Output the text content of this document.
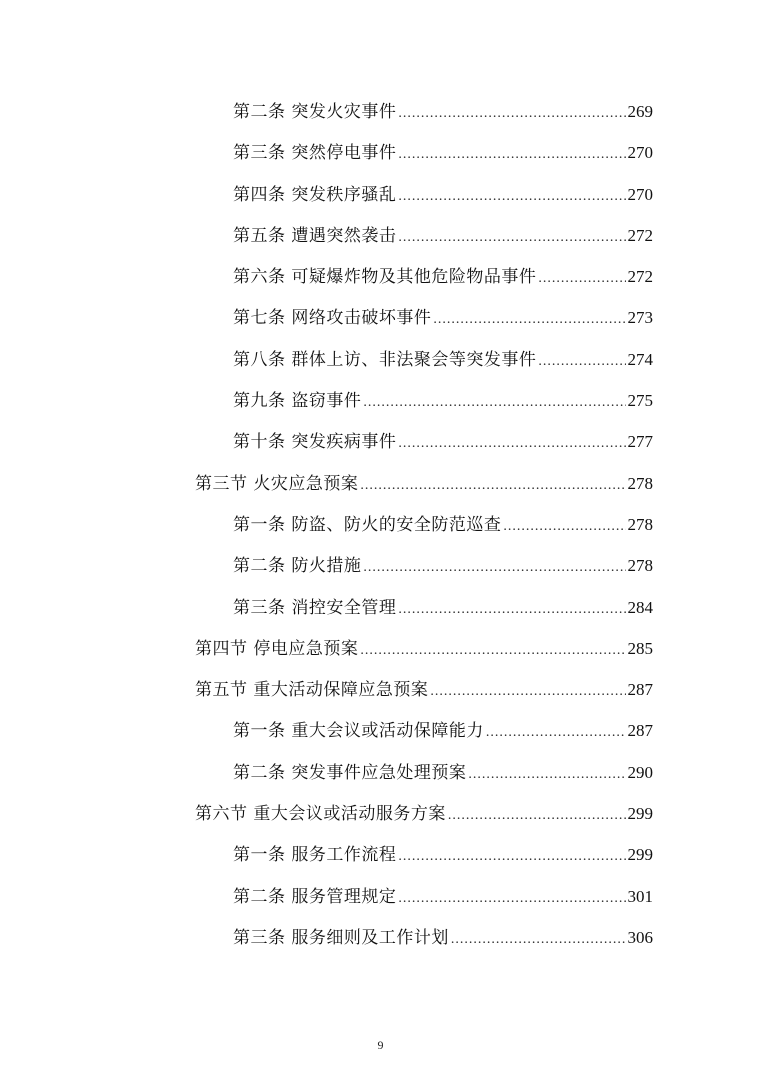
第二条 突发火灾事件 .....	269
第三条 突然停电事件 .....	270
第四条 突发秩序骚乱 .....	270
第五条 遭遇突然袭击 .....	272
第六条 可疑爆炸物及其他危险物品事件 .....	272
第七条 网络攻击破坏事件 .....	273
第八条 群体上访、非法聚会等突发事件 .....	274
第九条 盗窃事件 .....	275
第十条 突发疾病事件 .....	277
第三节 火灾应急预案 .....	278
第一条 防盗、防火的安全防范巡查 .....	278
第二条 防火措施 .....	278
第三条 消控安全管理 .....	284
第四节 停电应急预案 .....	285
第五节 重大活动保障应急预案 .....	287
第一条 重大会议或活动保障能力 .....	287
第二条 突发事件应急处理预案 .....	290
第六节 重大会议或活动服务方案 .....	299
第一条 服务工作流程 .....	299
第二条 服务管理规定 .....	301
第三条 服务细则及工作计划 .....	306
9
